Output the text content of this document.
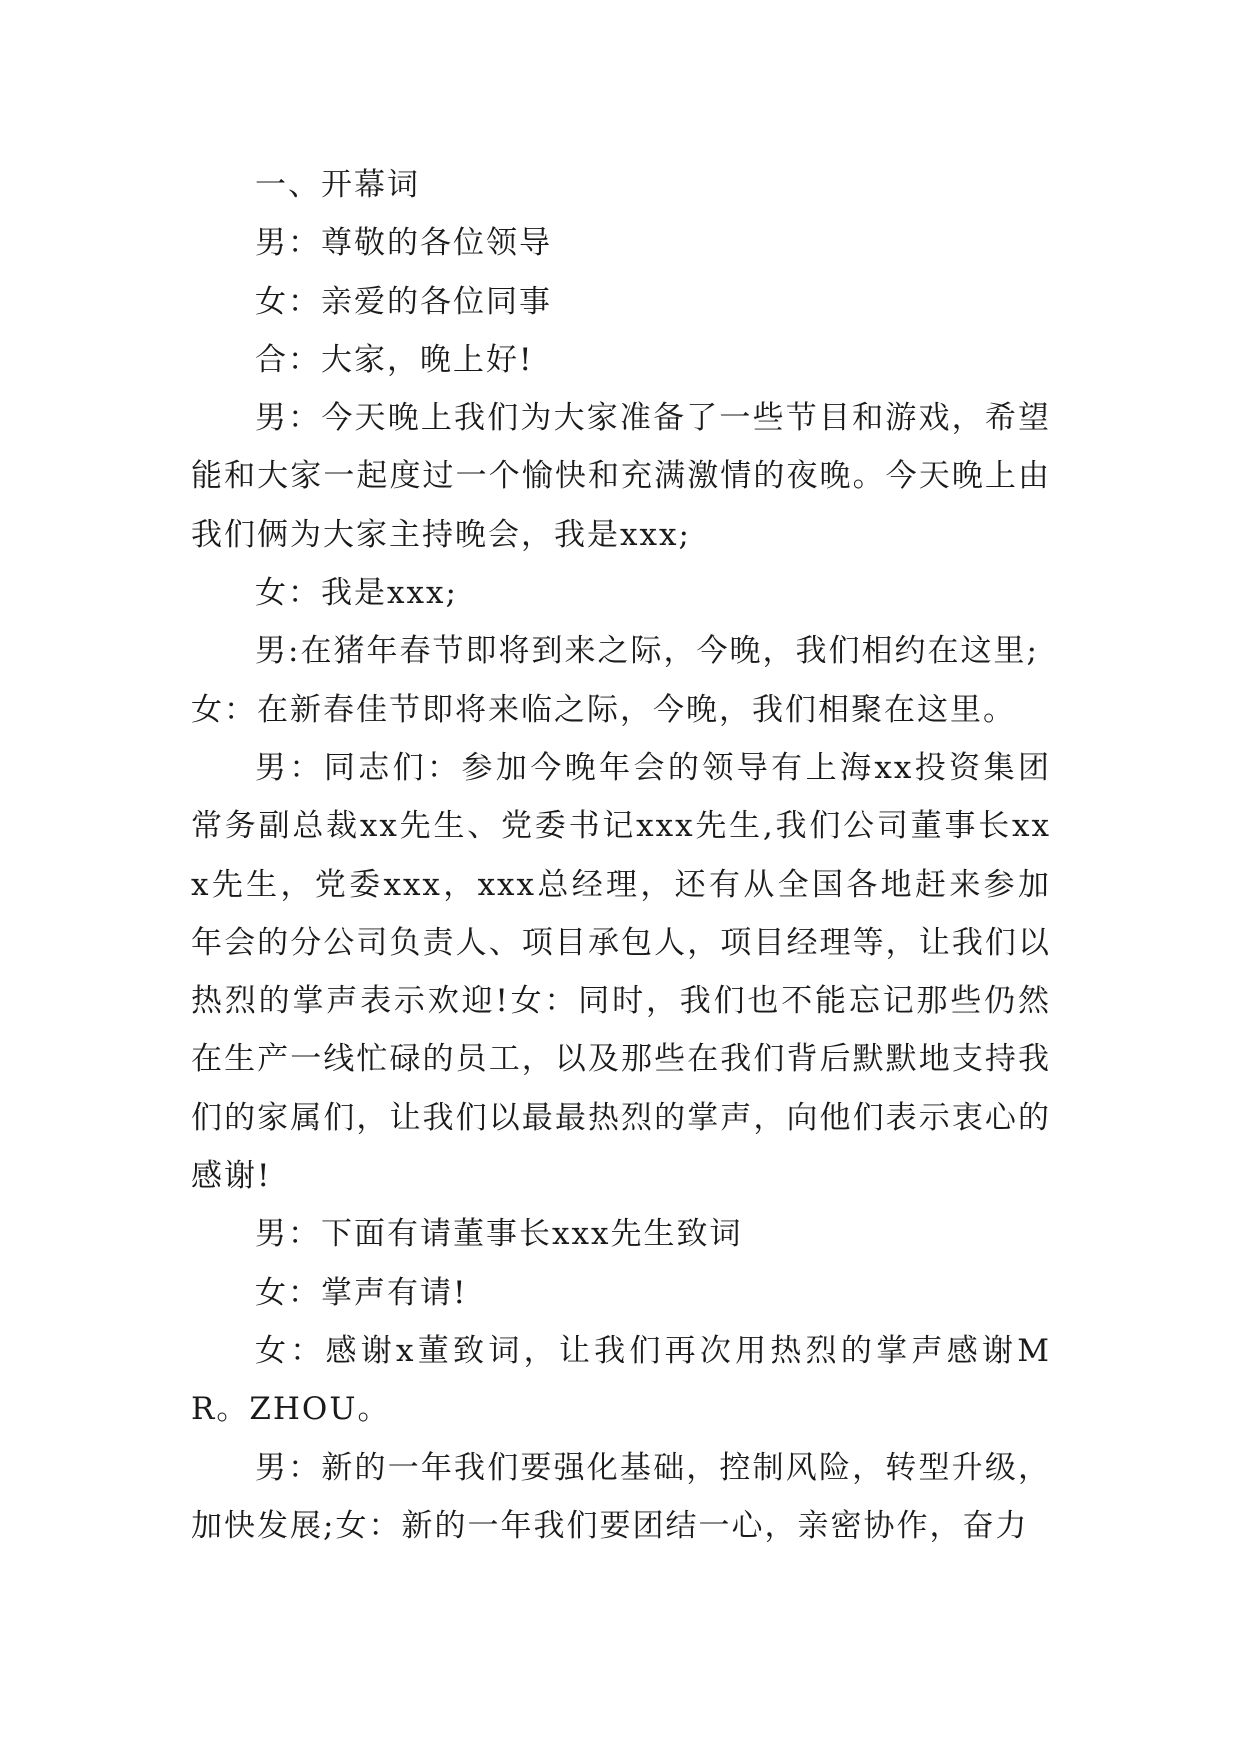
一、开幕词

男：尊敬的各位领导

女：亲爱的各位同事

合：大家，晚上好!

男：今天晚上我们为大家准备了一些节目和游戏，希望能和大家一起度过一个愉快和充满激情的夜晚。今天晚上由我们俩为大家主持晚会，我是xxx;

女：我是xxx;

男:在猪年春节即将到来之际，今晚，我们相约在这里;

女：在新春佳节即将来临之际，今晚，我们相聚在这里。

男：同志们：参加今晚年会的领导有上海xx投资集团常务副总裁xx先生、党委书记xxx先生,我们公司董事长xxx先生，党委xxx，xxx总经理，还有从全国各地赶来参加年会的分公司负责人、项目承包人，项目经理等，让我们以热烈的掌声表示欢迎!女：同时，我们也不能忘记那些仍然在生产一线忙碌的员工，以及那些在我们背后默默地支持我们的家属们，让我们以最最热烈的掌声，向他们表示衷心的感谢!

男：下面有请董事长xxx先生致词

女：掌声有请!

女：感谢x董致词，让我们再次用热烈的掌声感谢MR。ZHOU。

男：新的一年我们要强化基础，控制风险，转型升级，加快发展;女：新的一年我们要团结一心，亲密协作，奋力
